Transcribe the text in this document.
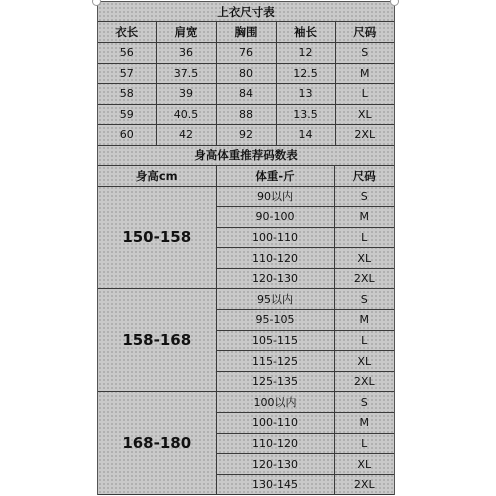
上衣尺寸表				
衣长	肩宽	胸围	袖长	尺码
56	36	76	12	S
57	37.5	80	12.5	M
58	39	84	13	L
59	40.5	88	13.5	XL
60	42	92	14	2XL
身高体重推荐码数表		
身高cm	体重-斤	尺码
150-158	90以内	S
	90-100	M
	100-110	L
	110-120	XL
	120-130	2XL
158-168	95以内	S
	95-105	M
	105-115	L
	115-125	XL
	125-135	2XL
168-180	100以内	S
	100-110	M
	110-120	L
	120-130	XL
	130-145	2XL
